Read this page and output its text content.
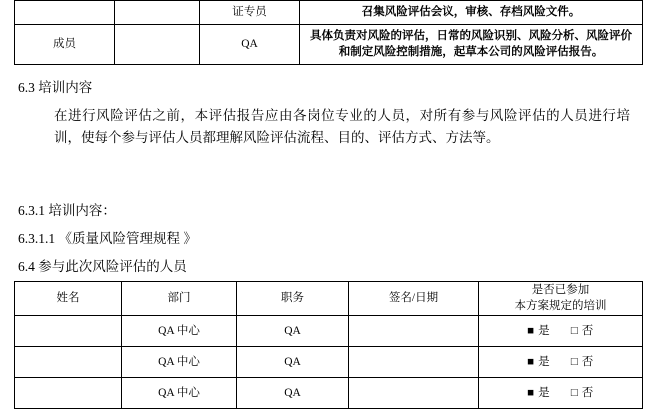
		证专员	召集风险评估会议，审核、存档风险文件。
成员		QA	具体负责对风险的评估，日常的风险识别、风险分析、风险评价和制定风险控制措施，起草本公司的风险评估报告。
6.3 培训内容
在进行风险评估之前，本评估报告应由各岗位专业的人员，对所有参与风险评估的人员进行培训，使每个参与评估人员都理解风险评估流程、目的、评估方式、方法等。
6.3.1 培训内容：
6.3.1.1 《质量风险管理规程 》
6.4 参与此次风险评估的人员
姓名	部门	职务	签名/日期	是否已参加
本方案规定的培训

	QA 中心	QA		■ 是 □ 否
	QA 中心	QA		■ 是 □ 否
	QA 中心	QA		■ 是 □ 否
